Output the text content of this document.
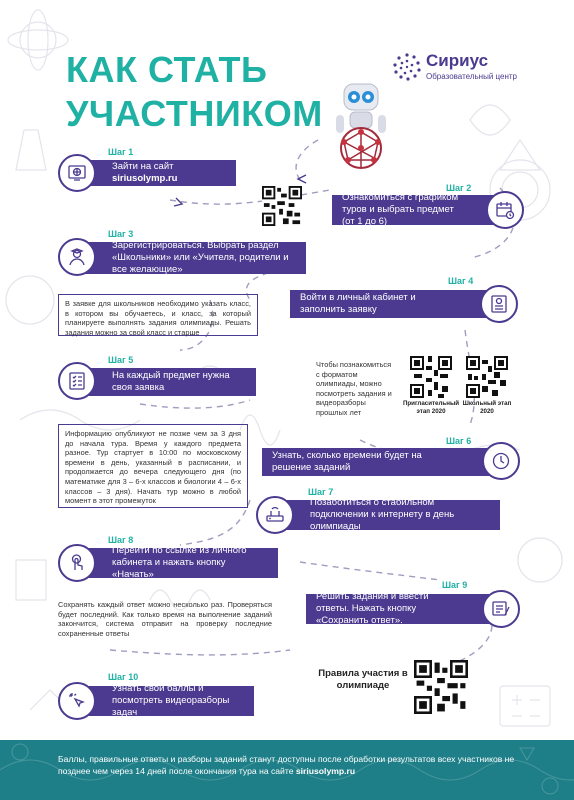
КАК СТАТЬ
УЧАСТНИКОМ
Сириус
Образовательный центр
Шаг 1
Зайти на сайт siriusolymp.ru
Шаг 2
Ознакомиться с графиком туров и выбрать предмет (от 1 до 6)
Шаг 3
Зарегистрироваться. Выбрать раздел «Школьники» или «Учителя, родители и все желающие»
Шаг 4
Войти в личный кабинет и заполнить заявку
В заявке для школьников необходимо указать класс, в котором вы обучаетесь, и класс, за который планируете выполнять задания олимпиады. Решать задания можно за свой класс и старше
Шаг 5
На каждый предмет нужна своя заявка
Чтобы познакомиться с форматом олимпиады, можно посмотреть задания и видеоразборы прошлых лет
Пригласительный этап 2020
Школьный этап 2020
Информацию опубликуют не позже чем за 3 дня до начала тура. Время у каждого предмета разное. Тур стартует в 10:00 по московскому времени в день, указанный в расписании, и продолжается до вечера следующего дня (по математике для 3 – 6-х классов и биологии 4 – 6-х классов – 3 дня). Начать тур можно в любой момент в этот промежуток
Шаг 6
Узнать, сколько времени будет на решение заданий
Шаг 7
Позаботиться о стабильном подключении к интернету в день олимпиады
Шаг 8
Перейти по ссылке из личного кабинета и нажать кнопку «Начать»
Шаг 9
Решить задания и ввести ответы. Нажать кнопку «Сохранить ответ».
Сохранять каждый ответ можно несколько раз. Проверяться будет последний. Как только время на выполнение заданий закончится, система отправит на проверку последние сохраненные ответы
Правила участия в олимпиаде
Шаг 10
Узнать свои баллы и посмотреть видеоразборы задач
Баллы, правильные ответы и разборы заданий станут доступны после обработки результатов всех участников не позднее чем через 14 дней после окончания тура на сайте siriusolymp.ru
